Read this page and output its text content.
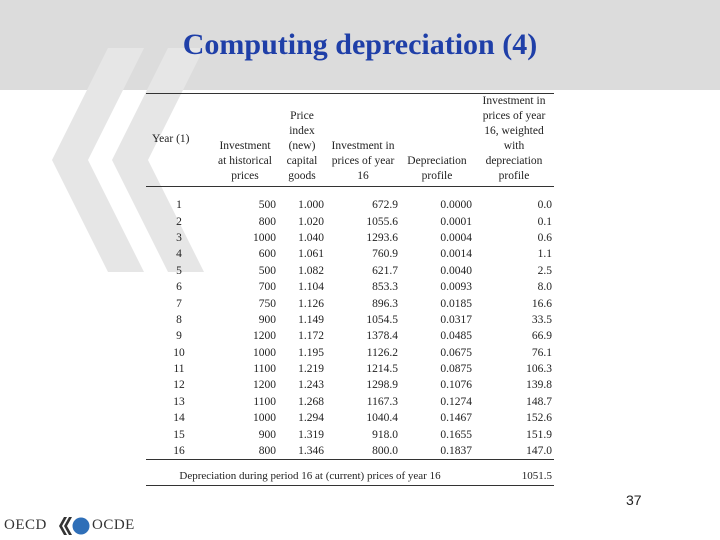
Computing depreciation (4)
Year (1)	Investment at historical prices	Price index (new) capital goods	Investment in prices of year 16	Depreciation profile	Investment in prices of year 16, weighted with depreciation profile
1	500	1.000	672.9	0.0000	0.0
2	800	1.020	1055.6	0.0001	0.1
3	1000	1.040	1293.6	0.0004	0.6
4	600	1.061	760.9	0.0014	1.1
5	500	1.082	621.7	0.0040	2.5
6	700	1.104	853.3	0.0093	8.0
7	750	1.126	896.3	0.0185	16.6
8	900	1.149	1054.5	0.0317	33.5
9	1200	1.172	1378.4	0.0485	66.9
10	1000	1.195	1126.2	0.0675	76.1
11	1100	1.219	1214.5	0.0875	106.3
12	1200	1.243	1298.9	0.1076	139.8
13	1100	1.268	1167.3	0.1274	148.7
14	1000	1.294	1040.4	0.1467	152.6
15	900	1.319	918.0	0.1655	151.9
16	800	1.346	800.0	0.1837	147.0
Depreciation during period 16 at (current) prices of year 16					1051.5
37
OECD	OCDE
